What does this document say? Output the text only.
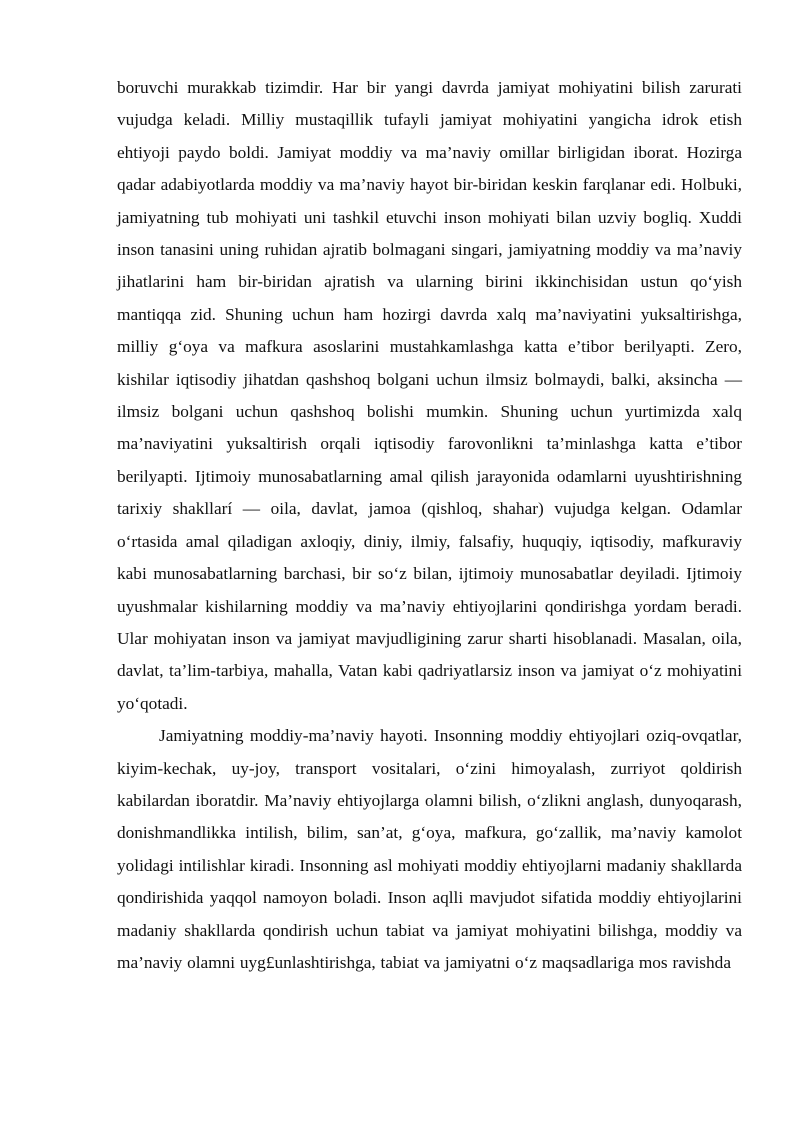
boruvchi murakkab tizimdir. Har bir yangi davrda jamiyat mohiyatini bilish zarurati vujudga keladi. Milliy mustaqillik tufayli jamiyat mohiyatini yangicha idrok etish ehtiyoji paydo boldi. Jamiyat moddiy va ma’naviy omillar birligidan iborat. Hozirga qadar adabiyotlarda moddiy va ma’naviy hayot bir-biridan keskin farqlanar edi. Holbuki, jamiyatning tub mohiyati uni tashkil etuvchi inson mohiyati bilan uzviy bogliq. Xuddi inson tanasini uning ruhidan ajratib bolmagani singari, jamiyatning moddiy va ma’naviy jihatlarini ham bir-biridan ajratish va ularning birini ikkinchisidan ustun qo‘yish mantiqqa zid. Shuning uchun ham hozirgi davrda xalq ma’naviyatini yuksaltirishga, milliy g‘oya va mafkura asoslarini mustahkamlashga katta e’tibor berilyapti. Zero, kishilar iqtisodiy jihatdan qashshoq bolgani uchun ilmsiz bolmaydi, balki, aksincha — ilmsiz bolgani uchun qashshoq bolishi mumkin. Shuning uchun yurtimizda xalq ma’naviyatini yuksaltirish orqali iqtisodiy farovonlikni ta’minlashga katta e’tibor berilyapti. Ijtimoiy munosabatlarning amal qilish jarayonida odamlarni uyushtirishning tarixiy shakllarí — oila, davlat, jamoa (qishloq, shahar) vujudga kelgan. Odamlar o‘rtasida amal qiladigan axloqiy, diniy, ilmiy, falsafiy, huquqiy, iqtisodiy, mafkuraviy kabi munosabatlarning barchasi, bir so‘z bilan, ijtimoiy munosabatlar deyiladi. Ijtimoiy uyushmalar kishilarning moddiy va ma’naviy ehtiyojlarini qondirishga yordam beradi. Ular mohiyatan inson va jamiyat mavjudligining zarur sharti hisoblanadi. Masalan, oila, davlat, ta’lim-tarbiya, mahalla, Vatan kabi qadriyatlarsiz inson va jamiyat o‘z mohiyatini yo‘qotadi.

Jamiyatning moddiy-ma’naviy hayoti. Insonning moddiy ehtiyojlari oziq-ovqatlar, kiyim-kechak, uy-joy, transport vositalari, o‘zini himoyalash, zurriyot qoldirish kabilardan iboratdir. Ma’naviy ehtiyojlarga olamni bilish, o‘zlikni anglash, dunyoqarash, donishmandlikka intilish, bilim, san’at, g‘oya, mafkura, go‘zallik, ma’naviy kamolot yolidagi intilishlar kiradi. Insonning asl mohiyati moddiy ehtiyojlarni madaniy shakllarda qondirishida yaqqol namoyon boladi. Inson aqlli mavjudot sifatida moddiy ehtiyojlarini madaniy shakllarda qondirish uchun tabiat va jamiyat mohiyatini bilishga, moddiy va ma’naviy olamni uyg£unlashtirishga, tabiat va jamiyatni o‘z maqsadlariga mos ravishda
